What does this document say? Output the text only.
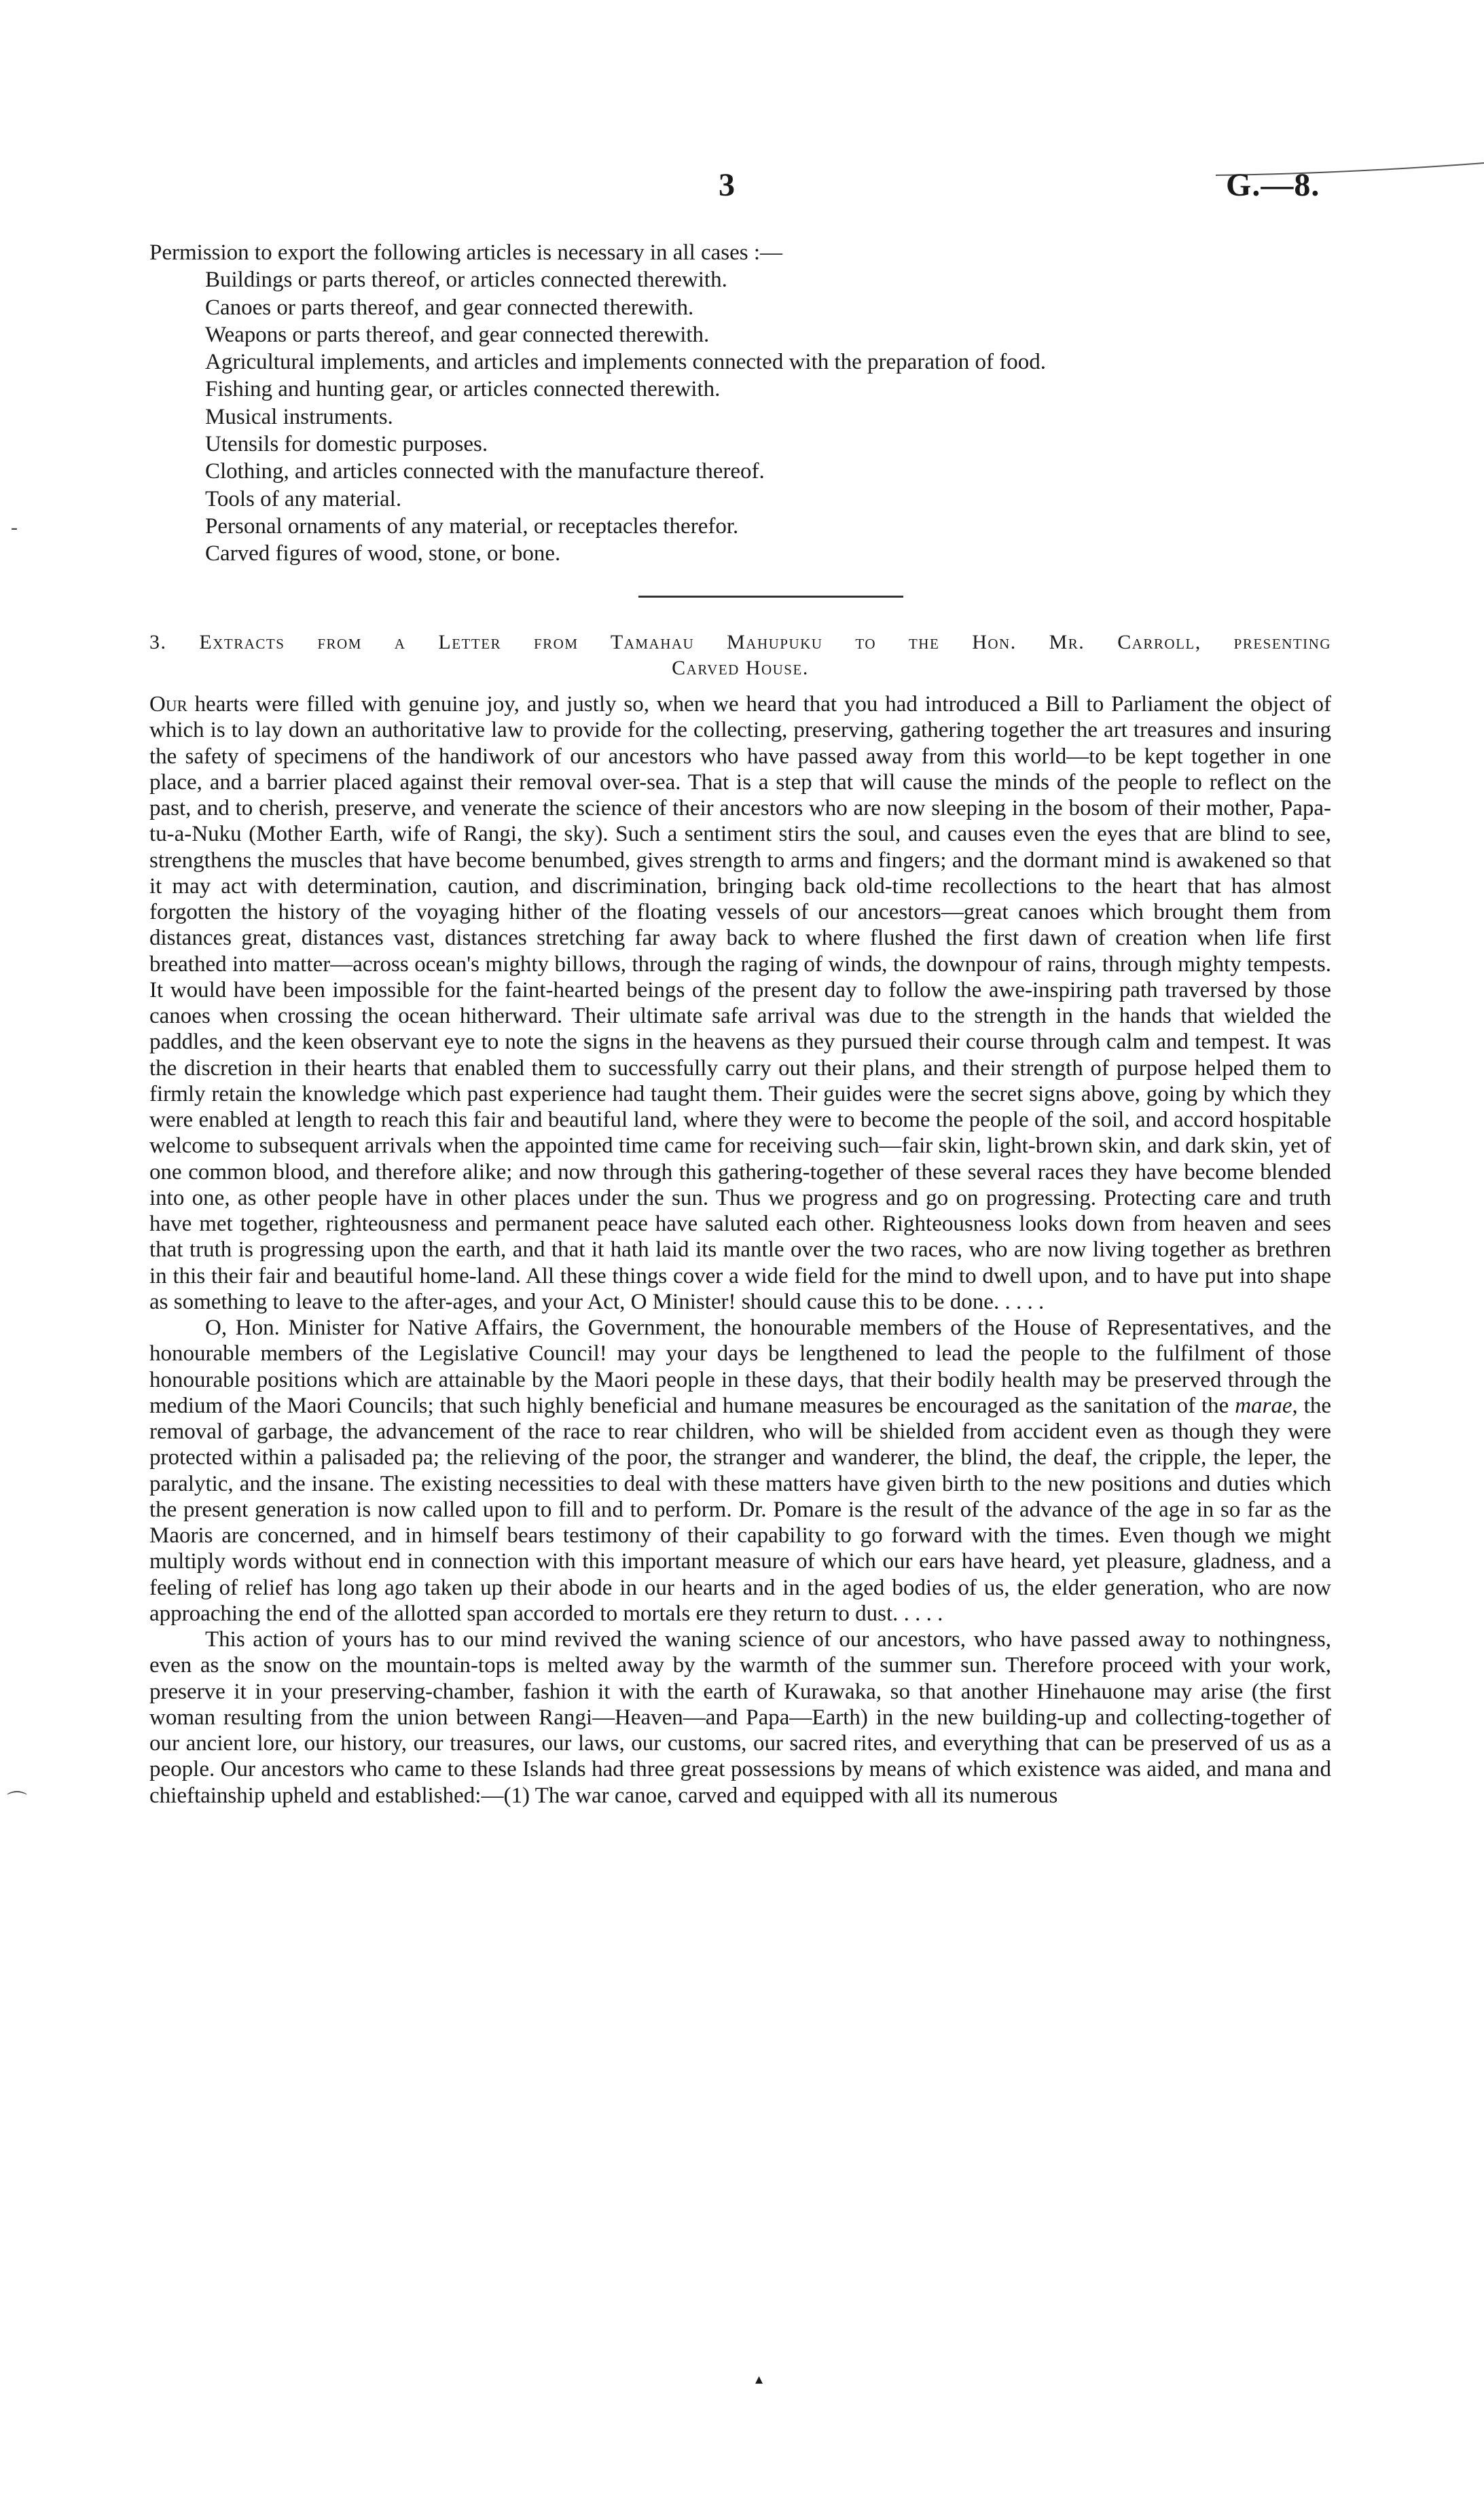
3	G.—8.

Permission to export the following articles is necessary in all cases :—

Buildings or parts thereof, or articles connected therewith.
Canoes or parts thereof, and gear connected therewith.
Weapons or parts thereof, and gear connected therewith.
Agricultural implements, and articles and implements connected with the preparation of food.
Fishing and hunting gear, or articles connected therewith.
Musical instruments.
Utensils for domestic purposes.
Clothing, and articles connected with the manufacture thereof.
Tools of any material.
Personal ornaments of any material, or receptacles therefor.
Carved figures of wood, stone, or bone.
3. Extracts from a Letter from Tamahau Mahupuku to the Hon. Mr. Carroll, presenting
Carved House.

Our hearts were filled with genuine joy, and justly so, when we heard that you had introduced a Bill to Parliament the object of which is to lay down an authoritative law to provide for the collecting, preserving, gathering together the art treasures and insuring the safety of specimens of the handiwork of our ancestors who have passed away from this world—to be kept together in one place, and a barrier placed against their removal over-sea. That is a step that will cause the minds of the people to reflect on the past, and to cherish, preserve, and venerate the science of their ancestors who are now sleeping in the bosom of their mother, Papa-tu-a-Nuku (Mother Earth, wife of Rangi, the sky). Such a sentiment stirs the soul, and causes even the eyes that are blind to see, strengthens the muscles that have become benumbed, gives strength to arms and fingers; and the dormant mind is awakened so that it may act with determination, caution, and discrimination, bringing back old-time recollections to the heart that has almost forgotten the history of the voyaging hither of the floating vessels of our ancestors—great canoes which brought them from distances great, distances vast, distances stretching far away back to where flushed the first dawn of creation when life first breathed into matter—across ocean's mighty billows, through the raging of winds, the downpour of rains, through mighty tempests. It would have been impossible for the faint-hearted beings of the present day to follow the awe-inspiring path traversed by those canoes when crossing the ocean hitherward. Their ultimate safe arrival was due to the strength in the hands that wielded the paddles, and the keen observant eye to note the signs in the heavens as they pursued their course through calm and tempest. It was the discretion in their hearts that enabled them to successfully carry out their plans, and their strength of purpose helped them to firmly retain the knowledge which past experience had taught them. Their guides were the secret signs above, going by which they were enabled at length to reach this fair and beautiful land, where they were to become the people of the soil, and accord hospitable welcome to subsequent arrivals when the appointed time came for receiving such—fair skin, light-brown skin, and dark skin, yet of one common blood, and therefore alike; and now through this gathering-together of these several races they have become blended into one, as other people have in other places under the sun. Thus we progress and go on progressing. Protecting care and truth have met together, righteousness and permanent peace have saluted each other. Righteousness looks down from heaven and sees that truth is progressing upon the earth, and that it hath laid its mantle over the two races, who are now living together as brethren in this their fair and beautiful home-land. All these things cover a wide field for the mind to dwell upon, and to have put into shape as something to leave to the after-ages, and your Act, O Minister! should cause this to be done. . . . .

O, Hon. Minister for Native Affairs, the Government, the honourable members of the House of Representatives, and the honourable members of the Legislative Council! may your days be lengthened to lead the people to the fulfilment of those honourable positions which are attainable by the Maori people in these days, that their bodily health may be preserved through the medium of the Maori Councils; that such highly beneficial and humane measures be encouraged as the sanitation of the marae, the removal of garbage, the advancement of the race to rear children, who will be shielded from accident even as though they were protected within a palisaded pa; the relieving of the poor, the stranger and wanderer, the blind, the deaf, the cripple, the leper, the paralytic, and the insane. The existing necessities to deal with these matters have given birth to the new positions and duties which the present generation is now called upon to fill and to perform. Dr. Pomare is the result of the advance of the age in so far as the Maoris are concerned, and in himself bears testimony of their capability to go forward with the times. Even though we might multiply words without end in connection with this important measure of which our ears have heard, yet pleasure, gladness, and a feeling of relief has long ago taken up their abode in our hearts and in the aged bodies of us, the elder generation, who are now approaching the end of the allotted span accorded to mortals ere they return to dust. . . . .

This action of yours has to our mind revived the waning science of our ancestors, who have passed away to nothingness, even as the snow on the mountain-tops is melted away by the warmth of the summer sun. Therefore proceed with your work, preserve it in your preserving-chamber, fashion it with the earth of Kurawaka, so that another Hinehauone may arise (the first woman resulting from the union between Rangi—Heaven—and Papa—Earth) in the new building-up and collecting-together of our ancient lore, our history, our treasures, our laws, our customs, our sacred rites, and everything that can be preserved of us as a people. Our ancestors who came to these Islands had three great possessions by means of which existence was aided, and mana and chieftainship upheld and established:—(1) The war canoe, carved and equipped with all its numerous

▴
-
⌒
